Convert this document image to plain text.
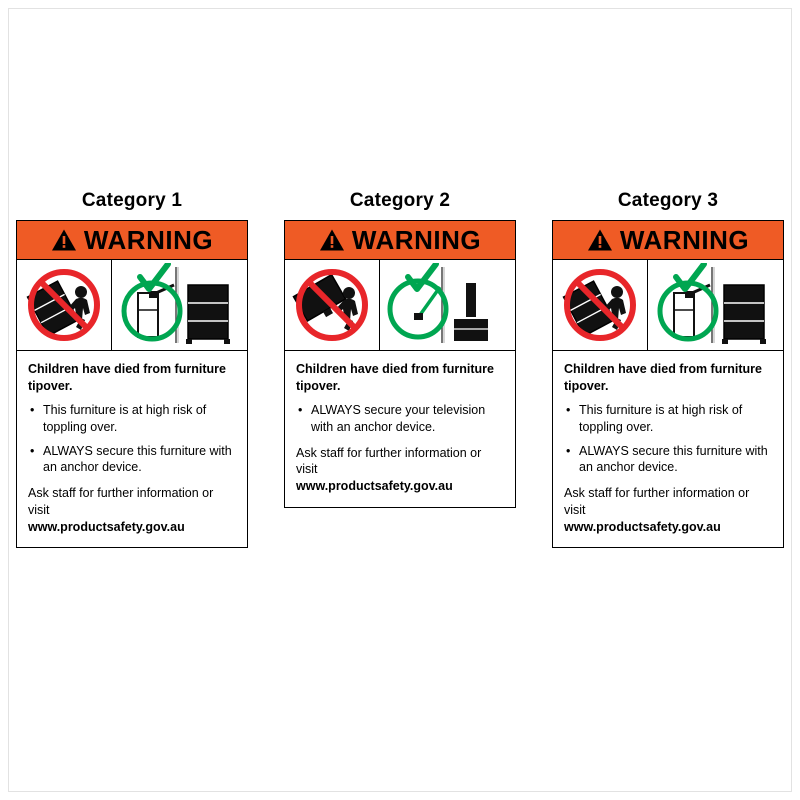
Category 1
WARNING

Children have died from furniture tipover.

• This furniture is at high risk of toppling over.
• ALWAYS secure this furniture with an anchor device.

Ask staff for further information or visit

www.productsafety.gov.au

Category 2
WARNING

Children have died from furniture tipover.

• ALWAYS secure your television with an anchor device.

Ask staff for further information or visit

www.productsafety.gov.au

Category 3
WARNING

Children have died from furniture tipover.

• This furniture is at high risk of toppling over.
• ALWAYS secure this furniture with an anchor device.

Ask staff for further information or visit

www.productsafety.gov.au
